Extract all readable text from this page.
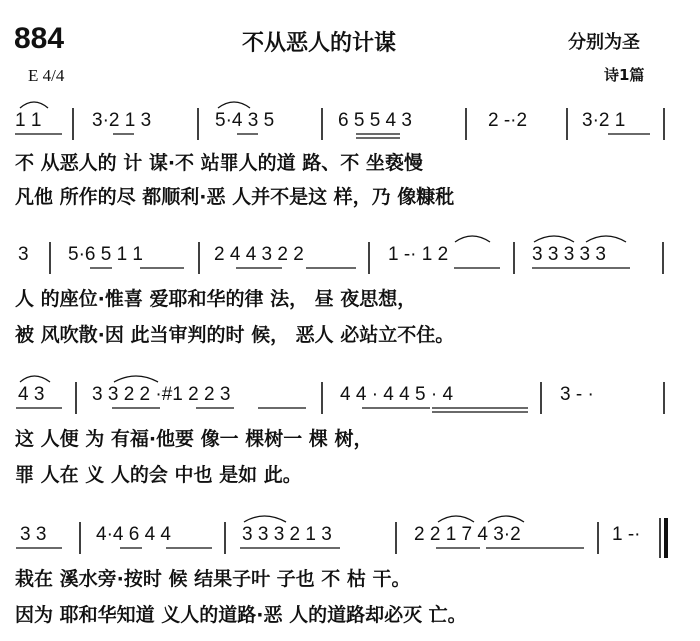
884	不从恶人的计谋	分别为圣
E 4/4	诗1篇
1 1	3·2 1 3	5·4 3 5	6 5 5 4 3	2 -·2	3·2 1
不 从恶人的 计 谋·不 站罪人的道 路、不 坐亵慢
凡他 所作的尽 都顺利·恶 人并不是这 样，乃 像糠秕
3 5·6 5 1 1	2 4 4 3 2 2	1 -· 1 2	3 3 3 3 3
人 的座位·惟喜 爱耶和华的律 法， 昼 夜思想，
被 风吹散·因 此当审判的时 候， 恶人 必站立不住。
4 3	3 3 2 2 ·#1 2 2 3	4 4 · 4 4 5 · 4	3 - ·
这 人便 为 有福·他要 像一 棵树一 棵 树，
罪 人在 义 人的会 中也 是如 此。
3 3	4·4 6 4 4	3 3 3 2 1 3	2 2 1 7 4 3·2	1 -·
栽在 溪水旁·按时 候 结果子叶 子也 不 枯 干。
因为 耶和华知道 义人的道路·恶 人的道路却必灭 亡。
